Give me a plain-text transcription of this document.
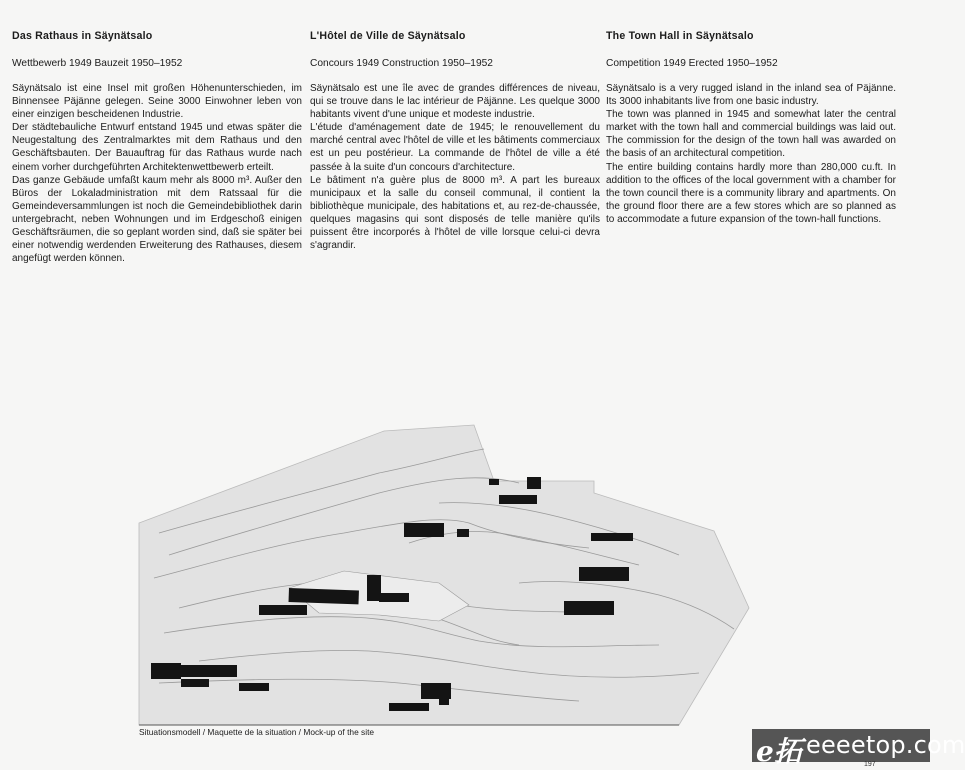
Das Rathaus in Säynätsalo
Wettbewerb 1949 Bauzeit 1950–1952

Säynätsalo ist eine Insel mit großen Höhenunterschieden, im Binnensee Päjänne gelegen. Seine 3000 Einwohner leben von einer einzigen bescheidenen Industrie.

Der städtebauliche Entwurf entstand 1945 und etwas später die Neugestaltung des Zentralmarktes mit dem Rathaus und den Geschäftsbauten. Der Bauauftrag für das Rathaus wurde nach einem vorher durchgeführten Architektenwettbewerb erteilt.

Das ganze Gebäude umfaßt kaum mehr als 8000 m³. Außer den Büros der Lokaladministration mit dem Ratssaal für die Gemeindeversammlungen ist noch die Gemeindebibliothek darin untergebracht, neben Wohnungen und im Erdgeschoß einigen Geschäftsräumen, die so geplant worden sind, daß sie später bei einer notwendig werdenden Erweiterung des Rathauses, diesem angefügt werden können.

L'Hôtel de Ville de Säynätsalo
Concours 1949 Construction 1950–1952

Säynätsalo est une île avec de grandes différences de niveau, qui se trouve dans le lac intérieur de Päjänne. Les quelque 3000 habitants vivent d'une unique et modeste industrie.

L'étude d'aménagement date de 1945; le renouvellement du marché central avec l'hôtel de ville et les bâtiments commerciaux est un peu postérieur. La commande de l'hôtel de ville a été passée à la suite d'un concours d'architecture.

Le bâtiment n'a guère plus de 8000 m³. A part les bureaux municipaux et la salle du conseil communal, il contient la bibliothèque municipale, des habitations et, au rez-de-chaussée, quelques magasins qui sont disposés de telle manière qu'ils puissent être incorporés à l'hôtel de ville lorsque celui-ci devra s'agrandir.

The Town Hall in Säynätsalo
Competition 1949 Erected 1950–1952

Säynätsalo is a very rugged island in the inland sea of Päjänne. Its 3000 inhabitants live from one basic industry.

The town was planned in 1945 and somewhat later the central market with the town hall and commercial buildings was laid out. The commission for the design of the town hall was awarded on the basis of an architectural competition.

The entire building contains hardly more than 280,000 cu.ft. In addition to the offices of the local government with a chamber for the town council there is a community library and apartments. On the ground floor there are a few stores which are so planned as to accommodate a future expansion of the town-hall functions.

Situationsmodell / Maquette de la situation / Mock-up of the site
e拓 eeeetop.com
197
